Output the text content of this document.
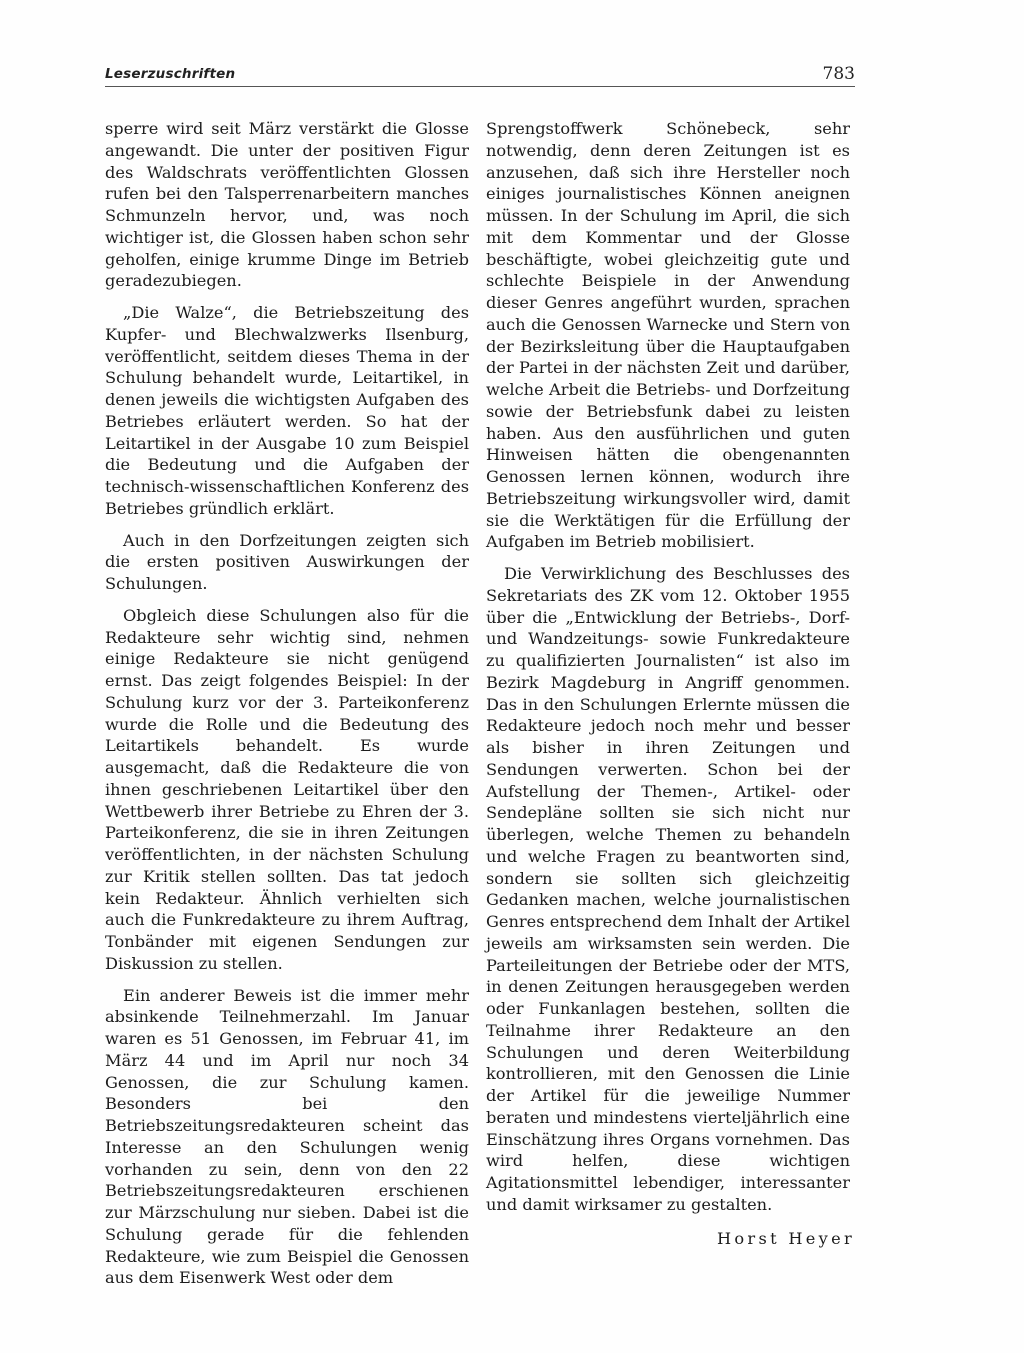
Leserzuschriften	783

sperre wird seit März verstärkt die Glosse angewandt. Die unter der positiven Figur des Waldschrats veröffentlichten Glossen rufen bei den Talsperrenarbeitern manches Schmunzeln hervor, und, was noch wichtiger ist, die Glossen haben schon sehr geholfen, einige krumme Dinge im Betrieb geradezubiegen.

„Die Walze“, die Betriebszeitung des Kupfer- und Blechwalzwerks Ilsenburg, veröffentlicht, seitdem dieses Thema in der Schulung behandelt wurde, Leitartikel, in denen jeweils die wichtigsten Aufgaben des Betriebes erläutert werden. So hat der Leitartikel in der Ausgabe 10 zum Beispiel die Bedeutung und die Aufgaben der technisch-wissenschaftlichen Konferenz des Betriebes gründlich erklärt.

Auch in den Dorfzeitungen zeigten sich die ersten positiven Auswirkungen der Schulungen.

Obgleich diese Schulungen also für die Redakteure sehr wichtig sind, nehmen einige Redakteure sie nicht genügend ernst. Das zeigt folgendes Beispiel: In der Schulung kurz vor der 3. Parteikonferenz wurde die Rolle und die Bedeutung des Leitartikels behandelt. Es wurde ausgemacht, daß die Redakteure die von ihnen geschriebenen Leitartikel über den Wettbewerb ihrer Betriebe zu Ehren der 3. Parteikonferenz, die sie in ihren Zeitungen veröffentlichten, in der nächsten Schulung zur Kritik stellen sollten. Das tat jedoch kein Redakteur. Ähnlich verhielten sich auch die Funkredakteure zu ihrem Auftrag, Tonbänder mit eigenen Sendungen zur Diskussion zu stellen.

Ein anderer Beweis ist die immer mehr absinkende Teilnehmerzahl. Im Januar waren es 51 Genossen, im Februar 41, im März 44 und im April nur noch 34 Genossen, die zur Schulung kamen. Besonders bei den Betriebszeitungsredakteuren scheint das Interesse an den Schulungen wenig vorhanden zu sein, denn von den 22 Betriebszeitungsredakteuren erschienen zur Märzschulung nur sieben. Dabei ist die Schulung gerade für die fehlenden Redakteure, wie zum Beispiel die Genossen aus dem Eisenwerk West oder dem

Sprengstoffwerk Schönebeck, sehr notwendig, denn deren Zeitungen ist es anzusehen, daß sich ihre Hersteller noch einiges journalistisches Können aneignen müssen. In der Schulung im April, die sich mit dem Kommentar und der Glosse beschäftigte, wobei gleichzeitig gute und schlechte Beispiele in der Anwendung dieser Genres angeführt wurden, sprachen auch die Genossen Warnecke und Stern von der Bezirksleitung über die Hauptaufgaben der Partei in der nächsten Zeit und darüber, welche Arbeit die Betriebs- und Dorfzeitung sowie der Betriebsfunk dabei zu leisten haben. Aus den ausführlichen und guten Hinweisen hätten die obengenannten Genossen lernen können, wodurch ihre Betriebszeitung wirkungsvoller wird, damit sie die Werktätigen für die Erfüllung der Aufgaben im Betrieb mobilisiert.

Die Verwirklichung des Beschlusses des Sekretariats des ZK vom 12. Oktober 1955 über die „Entwicklung der Betriebs-, Dorf- und Wandzeitungs- sowie Funkredakteure zu qualifizierten Journalisten“ ist also im Bezirk Magdeburg in Angriff genommen. Das in den Schulungen Erlernte müssen die Redakteure jedoch noch mehr und besser als bisher in ihren Zeitungen und Sendungen verwerten. Schon bei der Aufstellung der Themen-, Artikel- oder Sendepläne sollten sie sich nicht nur überlegen, welche Themen zu behandeln und welche Fragen zu beantworten sind, sondern sie sollten sich gleichzeitig Gedanken machen, welche journalistischen Genres entsprechend dem Inhalt der Artikel jeweils am wirksamsten sein werden. Die Parteileitungen der Betriebe oder der MTS, in denen Zeitungen herausgegeben werden oder Funkanlagen bestehen, sollten die Teilnahme ihrer Redakteure an den Schulungen und deren Weiterbildung kontrollieren, mit den Genossen die Linie der Artikel für die jeweilige Nummer beraten und mindestens vierteljährlich eine Einschätzung ihres Organs vornehmen. Das wird helfen, diese wichtigen Agitationsmittel lebendiger, interessanter und damit wirksamer zu gestalten.

Horst Heyer
